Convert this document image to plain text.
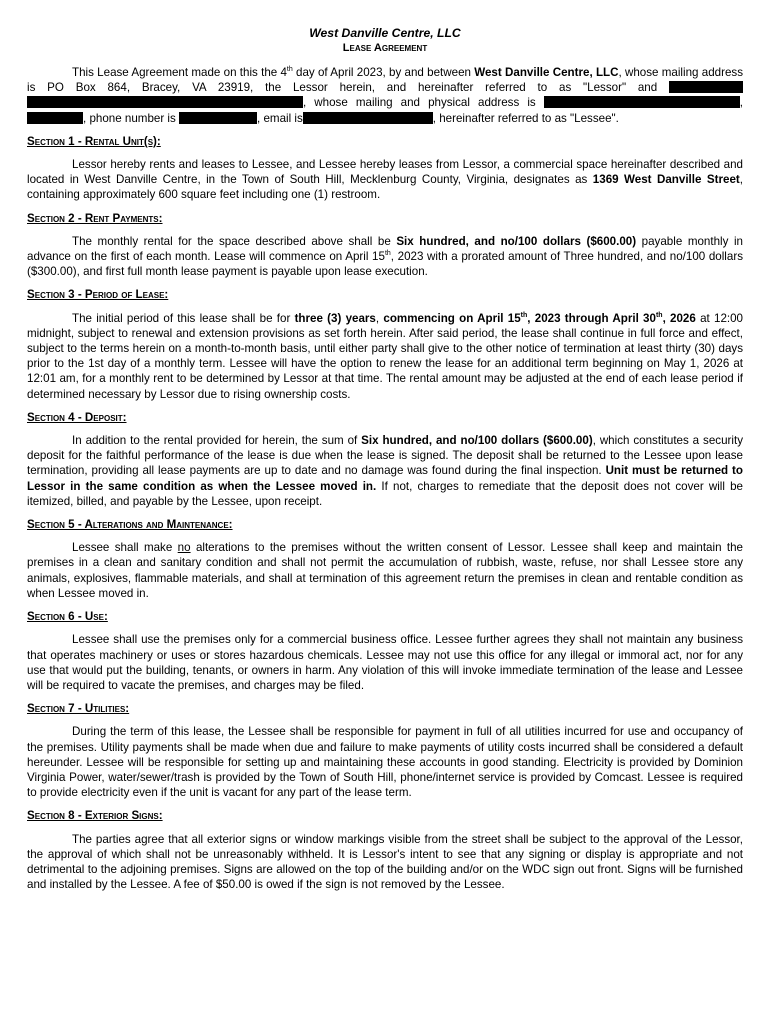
West Danville Centre, LLC
Lease Agreement

This Lease Agreement made on this the 4th day of April 2023, by and between West Danville Centre, LLC, whose mailing address is PO Box 864, Bracey, VA 23919, the Lessor herein, and hereinafter referred to as "Lessor" and  , whose mailing and physical address is	, , phone number is	, email is	, hereinafter referred to as "Lessee".

Section 1 - Rental Unit(s):

Lessor hereby rents and leases to Lessee, and Lessee hereby leases from Lessor, a commercial space hereinafter described and located in West Danville Centre, in the Town of South Hill, Mecklenburg County, Virginia, designates as 1369 West Danville Street, containing approximately 600 square feet including one (1) restroom.

Section 2 - Rent Payments:

The monthly rental for the space described above shall be Six hundred, and no/100 dollars ($600.00) payable monthly in advance on the first of each month. Lease will commence on April 15th, 2023 with a prorated amount of Three hundred, and no/100 dollars ($300.00), and first full month lease payment is payable upon lease execution.

Section 3 - Period of Lease:

The initial period of this lease shall be for three (3) years, commencing on April 15th, 2023 through April 30th, 2026 at 12:00 midnight, subject to renewal and extension provisions as set forth herein. After said period, the lease shall continue in full force and effect, subject to the terms herein on a month-to-month basis, until either party shall give to the other notice of termination at least thirty (30) days prior to the 1st day of a monthly term. Lessee will have the option to renew the lease for an additional term beginning on May 1, 2026 at 12:01 am, for a monthly rent to be determined by Lessor at that time. The rental amount may be adjusted at the end of each lease period if determined necessary by Lessor due to rising ownership costs.

Section 4 - Deposit:

In addition to the rental provided for herein, the sum of Six hundred, and no/100 dollars ($600.00), which constitutes a security deposit for the faithful performance of the lease is due when the lease is signed. The deposit shall be returned to the Lessee upon lease termination, providing all lease payments are up to date and no damage was found during the final inspection. Unit must be returned to Lessor in the same condition as when the Lessee moved in. If not, charges to remediate that the deposit does not cover will be itemized, billed, and payable by the Lessee, upon receipt.

Section 5 - Alterations and Maintenance:

Lessee shall make no alterations to the premises without the written consent of Lessor. Lessee shall keep and maintain the premises in a clean and sanitary condition and shall not permit the accumulation of rubbish, waste, refuse, nor shall Lessee store any animals, explosives, flammable materials, and shall at termination of this agreement return the premises in clean and rentable condition as when Lessee moved in.

Section 6 - Use:

Lessee shall use the premises only for a commercial business office. Lessee further agrees they shall not maintain any business that operates machinery or uses or stores hazardous chemicals. Lessee may not use this office for any illegal or immoral act, nor for any use that would put the building, tenants, or owners in harm. Any violation of this will invoke immediate termination of the lease and Lessee will be required to vacate the premises, and charges may be filed.

Section 7 - Utilities:

During the term of this lease, the Lessee shall be responsible for payment in full of all utilities incurred for use and occupancy of the premises. Utility payments shall be made when due and failure to make payments of utility costs incurred shall be considered a default hereunder. Lessee will be responsible for setting up and maintaining these accounts in good standing. Electricity is provided by Dominion Virginia Power, water/sewer/trash is provided by the Town of South Hill, phone/internet service is provided by Comcast. Lessee is required to provide electricity even if the unit is vacant for any part of the lease term.

Section 8 - Exterior Signs:

The parties agree that all exterior signs or window markings visible from the street shall be subject to the approval of the Lessor, the approval of which shall not be unreasonably withheld. It is Lessor's intent to see that any signing or display is appropriate and not detrimental to the adjoining premises. Signs are allowed on the top of the building and/or on the WDC sign out front. Signs will be furnished and installed by the Lessee. A fee of $50.00 is owed if the sign is not removed by the Lessee.
